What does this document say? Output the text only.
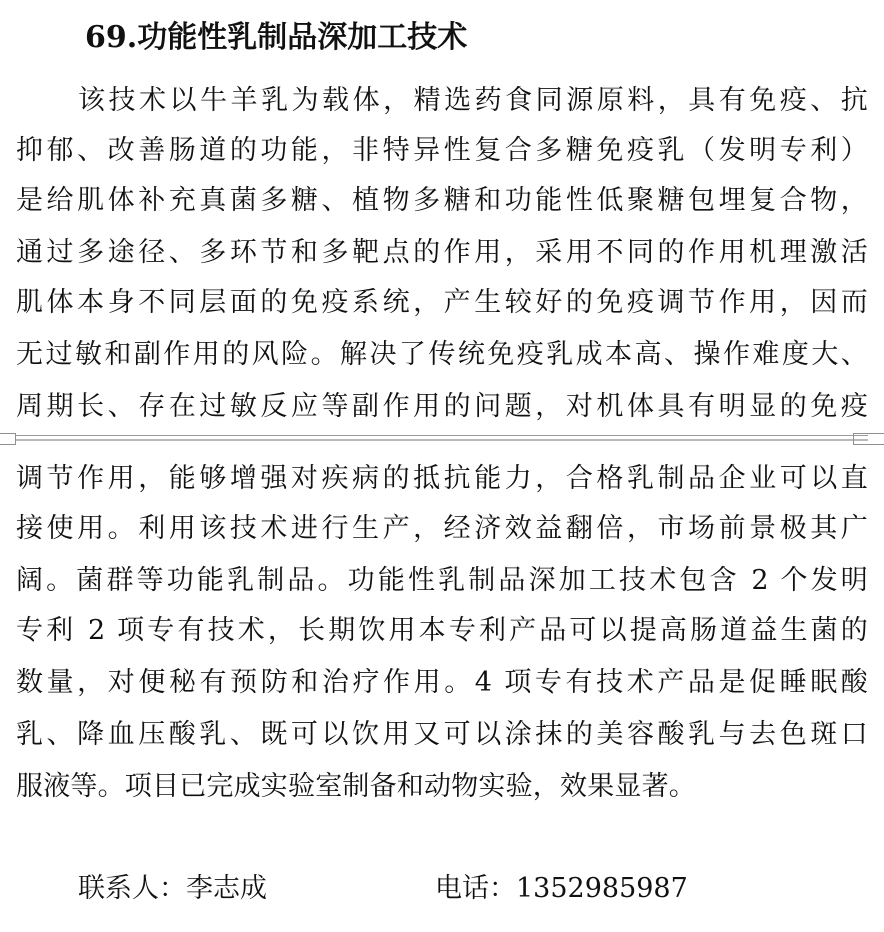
69.功能性乳制品深加工技术
该技术以牛羊乳为载体，精选药食同源原料，具有免疫、抗
抑郁、改善肠道的功能，非特异性复合多糖免疫乳（发明专利）
是给肌体补充真菌多糖、植物多糖和功能性低聚糖包埋复合物，
通过多途径、多环节和多靶点的作用，采用不同的作用机理激活
肌体本身不同层面的免疫系统，产生较好的免疫调节作用，因而
无过敏和副作用的风险。解决了传统免疫乳成本高、操作难度大、
周期长、存在过敏反应等副作用的问题，对机体具有明显的免疫
调节作用，能够增强对疾病的抵抗能力，合格乳制品企业可以直
接使用。利用该技术进行生产，经济效益翻倍，市场前景极其广
阔。菌群等功能乳制品。功能性乳制品深加工技术包含 2 个发明
专利 2 项专有技术，长期饮用本专利产品可以提高肠道益生菌的
数量，对便秘有预防和治疗作用。4 项专有技术产品是促睡眠酸
乳、降血压酸乳、既可以饮用又可以涂抹的美容酸乳与去色斑口
服液等。项目已完成实验室制备和动物实验，效果显著。
联系人：李志成	电话：1352985987
